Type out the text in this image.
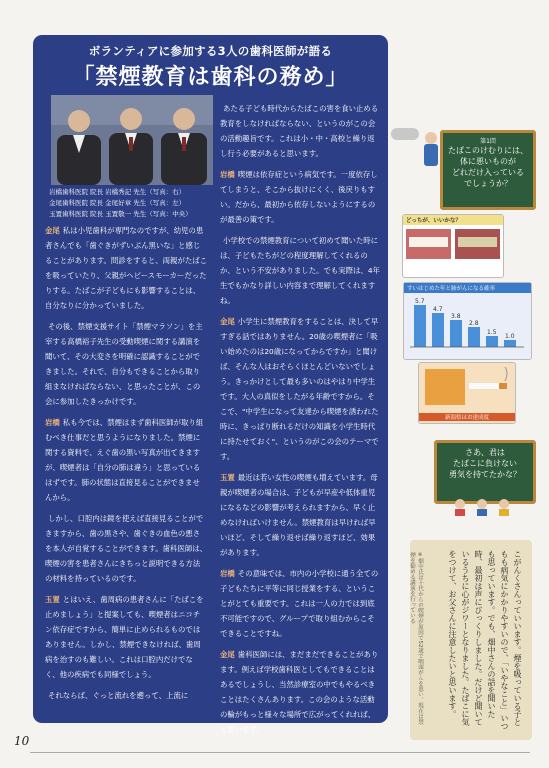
ボランティアに参加する3人の歯科医師が語る
「禁煙教育は歯科の務め」
岩橋歯科医院 院長 岩橋秀記 先生（写真：右）
金尾歯科医院 院長 金尾好章 先生（写真：左）
玉置歯科医院 院長 玉置敬一 先生（写真：中央）

金尾 私は小児歯科が専門なのですが、幼児の患者さんでも「歯ぐきがずいぶん黒いな」と感じることがあります。問診をすると、両親がたばこを吸っていたり、父親がヘビースモーカーだったりする。たばこが子どもにも影響することは、自分なりに分かっていました。

その後、禁煙支援サイト「禁煙マラソン」を主宰する高橋裕子先生の受動喫煙に関する講演を聞いて、その大変さを明確に認識することができました。それで、自分もできることから取り組まなければならない、と思ったことが、この会に参加したきっかけです。

岩橋 私も今では、禁煙はまず歯科医師が取り組むべき仕事だと思うようになりました。禁煙に関する資料で、えぐ歯の黒い写真が出てきますが、喫煙者は「自分の肺は違う」と思っているはずです。肺の状態は直接見ることができませんから。

しかし、口腔内は鏡を使えば直接見ることができますから、歯の黒さや、歯ぐきの血色の悪さを本人が自覚することができます。歯科医師は、喫煙の害を患者さんにきちっと説明できる方法の材料を持っているのです。

玉置 とはいえ、歯周病の患者さんに「たばこを止めましょう」と提案しても、喫煙者はニコチン依存症ですから、簡単に止められるものではありません。しかし、禁煙できなければ、歯周病を治すのも難しい。これは口腔内だけでなく、他の疾病でも同様でしょう。

それならば、ぐっと流れを遡って、上流に

あたる子ども時代からたばこの害を食い止める教育をしなければならない、というのがこの会の活動趣旨です。これは小・中・高校と繰り返し行う必要があると思います。

岩橋 喫煙は依存症という病気です。一度依存してしまうと、そこから抜けにくく、後戻りもすい。だから、最初から依存しないようにするのが最善の策です。

小学校での禁煙教育について初めて聞いた時には、子どもたちがどの程度理解してくれるのか、という不安がありました。でも実際は、4年生でもかなり詳しい内容まで理解してくれますね。

金尾 小学生に禁煙教育をすることは、決して早すぎる話ではありません。20歳の喫煙者に「吸い始めたのは20歳になってからですか」と聞けば、そんな人はおそらくほとんどいないでしょう。きっかけとして最も多いのはやはり中学生です。大人の真似をしたがる年齢ですから。そこで、"中学生になって友達から喫煙を誘われた時に、きっぱり断れるだけの知識を小学生時代に持たせておく"、というのがこの会のテーマです。

玉置 最近は若い女性の喫煙も増えています。母親が喫煙者の場合は、子どもが早産や低体重児になるなどの影響が考えられますから、早く止めなければいけません。禁煙教育は早ければ早いほど、そして繰り返せば繰り返すほど、効果があります。

岩橋 その意味では、市内の小学校に通う全ての子どもたちに平等に同じ授業をする、ということがとても重要です。これは一人の力では到底不可能ですので、グループで取り組むからこそできることですね。

金尾 歯科医師には、まだまだできることがあります。例えば学校歯科医としてもできることはあるでしょうし、当然診療室の中でもやるべきことはたくさんあります。この会のような活動の輪がもっと様々な場所で広がってくれれば、と思います。

第1問
たばこのけむりには、
体に悪いものが
どれだけ入っている
でしょうか？
どっちが、いいかな？
すいはじめた年と肺がんになる確率
5.7
4.7
3.8
2.8
1.5
1.0
新潟県はお達成度
さあ、君は
たばこに負けない
勇気を持てたかな？
こがんくさんっていいます。煙を吸っている子ともも病気にかかりやすいので、「いやなこと」いつも思っています。でも、畑中さんの話を聞いた時、最初は声にびっくりしました。だけど聞いているうちに心がジワーとなりました。たばこに気をつけて、お父さんに注意したいと思います。
※畑中氏は十代からの喫煙が原因で52歳で咽頭がんを患い、現在は禁煙を勧める講演を行っている
10
